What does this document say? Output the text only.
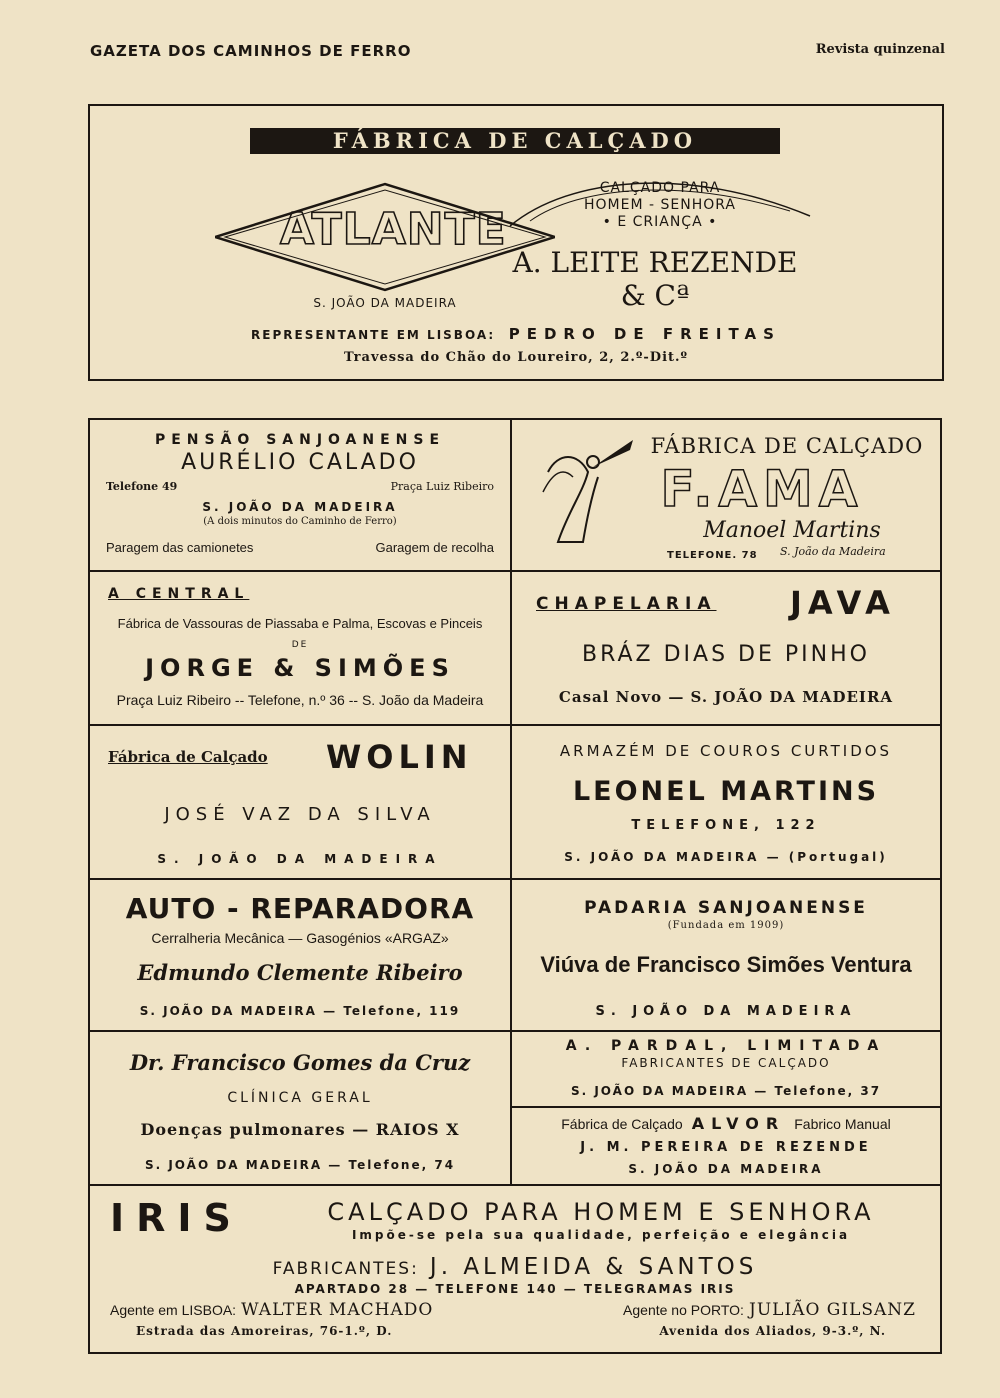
GAZETA DOS CAMINHOS DE FERRO	Revista quinzenal
FÁBRICA DE CALÇADO
ATLANTE
CALÇADO PARA
HOMEM - SENHORA
• E CRIANÇA •
A. LEITE REZENDE & Cª
S. JOÃO DA MADEIRA
REPRESENTANTE EM LISBOA: PEDRO DE FREITAS
Travessa do Chão do Loureiro, 2, 2.º-Dit.º
PENSÃO SANJOANENSE
AURÉLIO CALADO
Telefone 49	Praça Luiz Ribeiro
S. JOÃO DA MADEIRA
(A dois minutos do Caminho de Ferro)
Paragem das camionetes	Garagem de recolha
FÁBRICA DE CALÇADO
F.AMA
Manoel Martins
TELEFONE. 78 S. João da Madeira
A CENTRAL
Fábrica de Vassouras de Piassaba e Palma, Escovas e Pinceis
DE
JORGE & SIMÕES
Praça Luiz Ribeiro -- Telefone, n.º 36 -- S. João da Madeira
CHAPELARIA JAVA
BRÁZ DIAS DE PINHO
Casal Novo — S. JOÃO DA MADEIRA
Fábrica de Calçado WOLIN
JOSÉ VAZ DA SILVA
S. JOÃO DA MADEIRA
ARMAZÉM DE COUROS CURTIDOS
LEONEL MARTINS
TELEFONE, 122
S. JOÃO DA MADEIRA — (Portugal)
AUTO - REPARADORA
Cerralheria Mecânica — Gasogénios «ARGAZ»
Edmundo Clemente Ribeiro
S. JOÃO DA MADEIRA — Telefone, 119
PADARIA SANJOANENSE
(Fundada em 1909)
Viúva de Francisco Simões Ventura
S. JOÃO DA MADEIRA
Dr. Francisco Gomes da Cruz
CLÍNICA GERAL
Doenças pulmonares — RAIOS X
S. JOÃO DA MADEIRA — Telefone, 74
A. PARDAL, LIMITADA
FABRICANTES DE CALÇADO
S. JOÃO DA MADEIRA — Telefone, 37
Fábrica de Calçado ALVOR Fabrico Manual
J. M. PEREIRA DE REZENDE
S. JOÃO DA MADEIRA
IRIS	CALÇADO PARA HOMEM E SENHORA
Impõe-se pela sua qualidade, perfeição e elegância
FABRICANTES: J. ALMEIDA & SANTOS
APARTADO 28 — TELEFONE 140 — TELEGRAMAS IRIS
Agente em LISBOA: WALTER MACHADO
Estrada das Amoreiras, 76-1.º, D.
Agente no PORTO: JULIÃO GILSANZ
Avenida dos Aliados, 9-3.º, N.
